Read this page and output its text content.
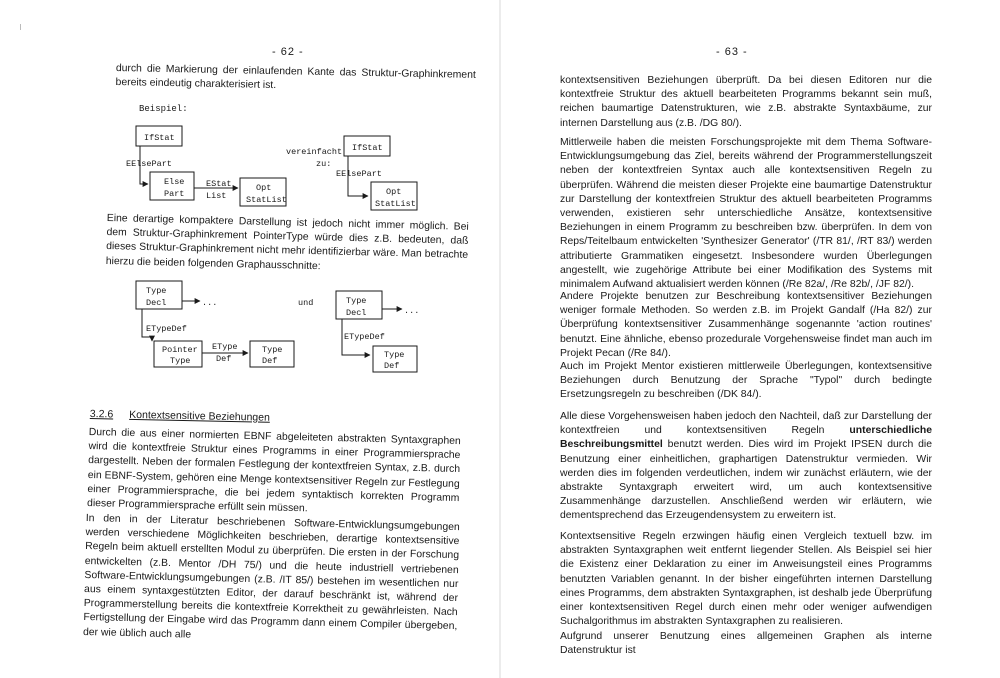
- 62 -

durch die Markierung der einlaufenden Kante das Struktur-Graphinkrement bereits eindeutig charakterisiert ist.

Beispiel:
IfStat
EElsePart
Else
Part
EStat
List
Opt
StatList
vereinfacht
zu:
IfStat
EElsePart
Opt
StatList

Eine derartige kompaktere Darstellung ist jedoch nicht immer möglich. Bei dem Struktur-Graphinkrement PointerType würde dies z.B. bedeuten, daß dieses Struktur-Graphinkrement nicht mehr identifizierbar wäre. Man betrachte hierzu die beiden folgenden Graphausschnitte:

Type
Decl	...
ETypeDef
Pointer
Type
EType
Def
Type
Def
und	Type
Decl	...
ETypeDef
Type
Def
3.2.6 Kontextsensitive Beziehungen

Durch die aus einer normierten EBNF abgeleiteten abstrakten Syntaxgraphen wird die kontextfreie Struktur eines Programms in einer Programmiersprache dargestellt. Neben der formalen Festlegung der kontextfreien Syntax, z.B. durch ein EBNF-System, gehören eine Menge kontextsensitiver Regeln zur Festlegung einer Programmiersprache, die bei jedem syntaktisch korrekten Programm dieser Programmiersprache erfüllt sein müssen.

In den in der Literatur beschriebenen Software-Entwicklungsumgebungen werden verschiedene Möglichkeiten beschrieben, derartige kontextsensitive Regeln beim aktuell erstellten Modul zu überprüfen. Die ersten in der Forschung entwickelten (z.B. Mentor /DH 75/) und die heute industriell vertriebenen Software-Entwicklungsumgebungen (z.B. /IT 85/) bestehen im wesentlichen nur aus einem syntaxgestützten Editor, der darauf beschränkt ist, während der Programmerstellung bereits die kontextfreie Korrektheit zu gewährleisten. Nach Fertigstellung der Eingabe wird das Programm dann einem Compiler übergeben, der wie üblich auch alle

- 63 -

kontextsensitiven Beziehungen überprüft. Da bei diesen Editoren nur die kontextfreie Struktur des aktuell bearbeiteten Programms bekannt sein muß, reichen baumartige Datenstrukturen, wie z.B. abstrakte Syntaxbäume, zur internen Darstellung aus (z.B. /DG 80/).

Mittlerweile haben die meisten Forschungsprojekte mit dem Thema Software-Entwicklungsumgebung das Ziel, bereits während der Programmerstellungszeit neben der kontextfreien Syntax auch alle kontextsensitiven Regeln zu überprüfen. Während die meisten dieser Projekte eine baumartige Datenstruktur zur Darstellung der kontextfreien Struktur des aktuell bearbeiteten Programms verwenden, existieren sehr unterschiedliche Ansätze, kontextsensitive Beziehungen in einem Programm zu beschreiben bzw. überprüfen. In dem von Reps/Teitelbaum entwickelten 'Synthesizer Generator' (/TR 81/, /RT 83/) werden attributierte Grammatiken eingesetzt. Insbesondere wurden Überlegungen angestellt, wie zugehörige Attribute bei einer Modifikation des Systems mit minimalem Aufwand aktualisiert werden können (/Re 82a/, /Re 82b/, /JF 82/).

Andere Projekte benutzen zur Beschreibung kontextsensitiver Beziehungen weniger formale Methoden. So werden z.B. im Projekt Gandalf (/Ha 82/) zur Überprüfung kontextsensitiver Zusammenhänge sogenannte 'action routines' benutzt. Eine ähnliche, ebenso prozedurale Vorgehensweise findet man auch im Projekt Pecan (/Re 84/).

Auch im Projekt Mentor existieren mittlerweile Überlegungen, kontextsensitive Beziehungen durch Benutzung der Sprache "Typol" durch bedingte Ersetzungsregeln zu beschreiben (/DK 84/).

Alle diese Vorgehensweisen haben jedoch den Nachteil, daß zur Darstellung der kontextfreien und kontextsensitiven Regeln unterschiedliche Beschreibungsmittel benutzt werden. Dies wird im Projekt IPSEN durch die Benutzung einer einheitlichen, graphartigen Datenstruktur vermieden. Wir werden dies im folgenden verdeutlichen, indem wir zunächst erläutern, wie der abstrakte Syntaxgraph erweitert wird, um auch kontextsensitive Zusammenhänge darzustellen. Anschließend werden wir erläutern, wie dementsprechend das Erzeugendensystem zu erweitern ist.

Kontextsensitive Regeln erzwingen häufig einen Vergleich textuell bzw. im abstrakten Syntaxgraphen weit entfernt liegender Stellen. Als Beispiel sei hier die Existenz einer Deklaration zu einer im Anweisungsteil eines Programms benutzten Variablen genannt. In der bisher eingeführten internen Darstellung eines Programms, dem abstrakten Syntaxgraphen, ist deshalb jede Überprüfung einer kontextsensitiven Regel durch einen mehr oder weniger aufwendigen Suchalgorithmus im abstrakten Syntaxgraphen zu realisieren.

Aufgrund unserer Benutzung eines allgemeinen Graphen als interne Datenstruktur ist
